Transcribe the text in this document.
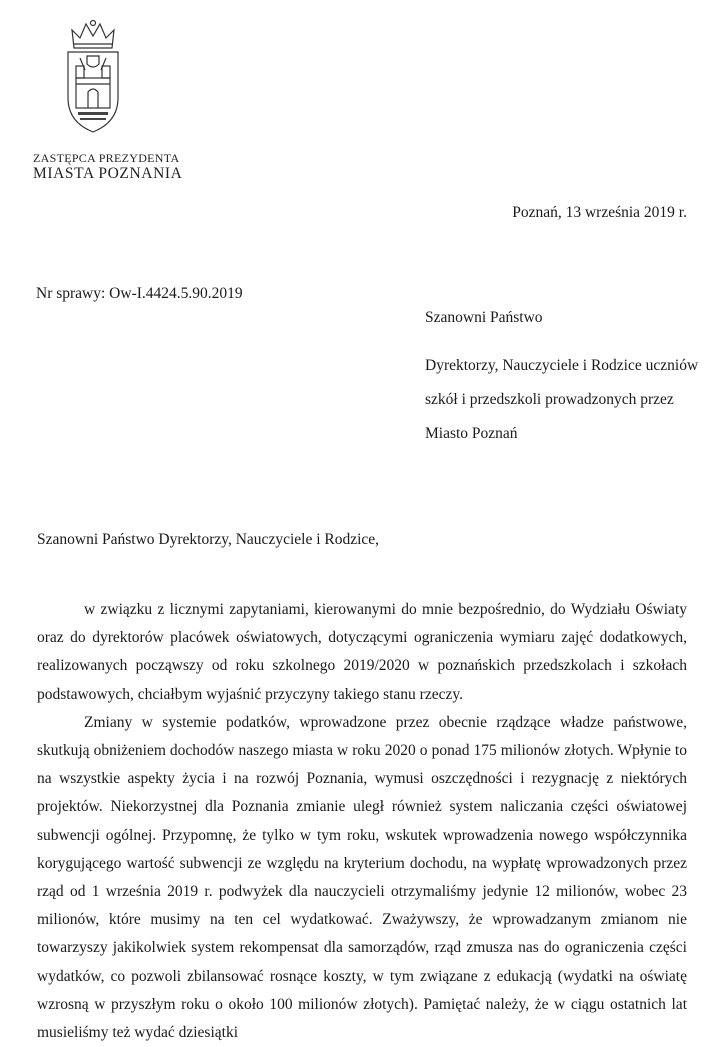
ZASTĘPCA PREZYDENTA
MIASTA POZNANIA
Poznań, 13 września 2019 r.
Nr sprawy: Ow-I.4424.5.90.2019
Szanowni Państwo
Dyrektorzy, Nauczyciele i Rodzice uczniów
szkół i przedszkoli prowadzonych przez
Miasto Poznań
Szanowni Państwo Dyrektorzy, Nauczyciele i Rodzice,

w związku z licznymi zapytaniami, kierowanymi do mnie bezpośrednio, do Wydziału Oświaty oraz do dyrektorów placówek oświatowych, dotyczącymi ograniczenia wymiaru zajęć dodatkowych, realizowanych począwszy od roku szkolnego 2019/2020 w poznańskich przedszkolach i szkołach podstawowych, chciałbym wyjaśnić przyczyny takiego stanu rzeczy.

Zmiany w systemie podatków, wprowadzone przez obecnie rządzące władze państwowe, skutkują obniżeniem dochodów naszego miasta w roku 2020 o ponad 175 milionów złotych. Wpłynie to na wszystkie aspekty życia i na rozwój Poznania, wymusi oszczędności i rezygnację z niektórych projektów. Niekorzystnej dla Poznania zmianie uległ również system naliczania części oświatowej subwencji ogólnej. Przypomnę, że tylko w tym roku, wskutek wprowadzenia nowego współczynnika korygującego wartość subwencji ze względu na kryterium dochodu, na wypłatę wprowadzonych przez rząd od 1 września 2019 r. podwyżek dla nauczycieli otrzymaliśmy jedynie 12 milionów, wobec 23 milionów, które musimy na ten cel wydatkować. Zważywszy, że wprowadzanym zmianom nie towarzyszy jakikolwiek system rekompensat dla samorządów, rząd zmusza nas do ograniczenia części wydatków, co pozwoli zbilansować rosnące koszty, w tym związane z edukacją (wydatki na oświatę wzrosną w przyszłym roku o około 100 milionów złotych). Pamiętać należy, że w ciągu ostatnich lat musieliśmy też wydać dziesiątki
